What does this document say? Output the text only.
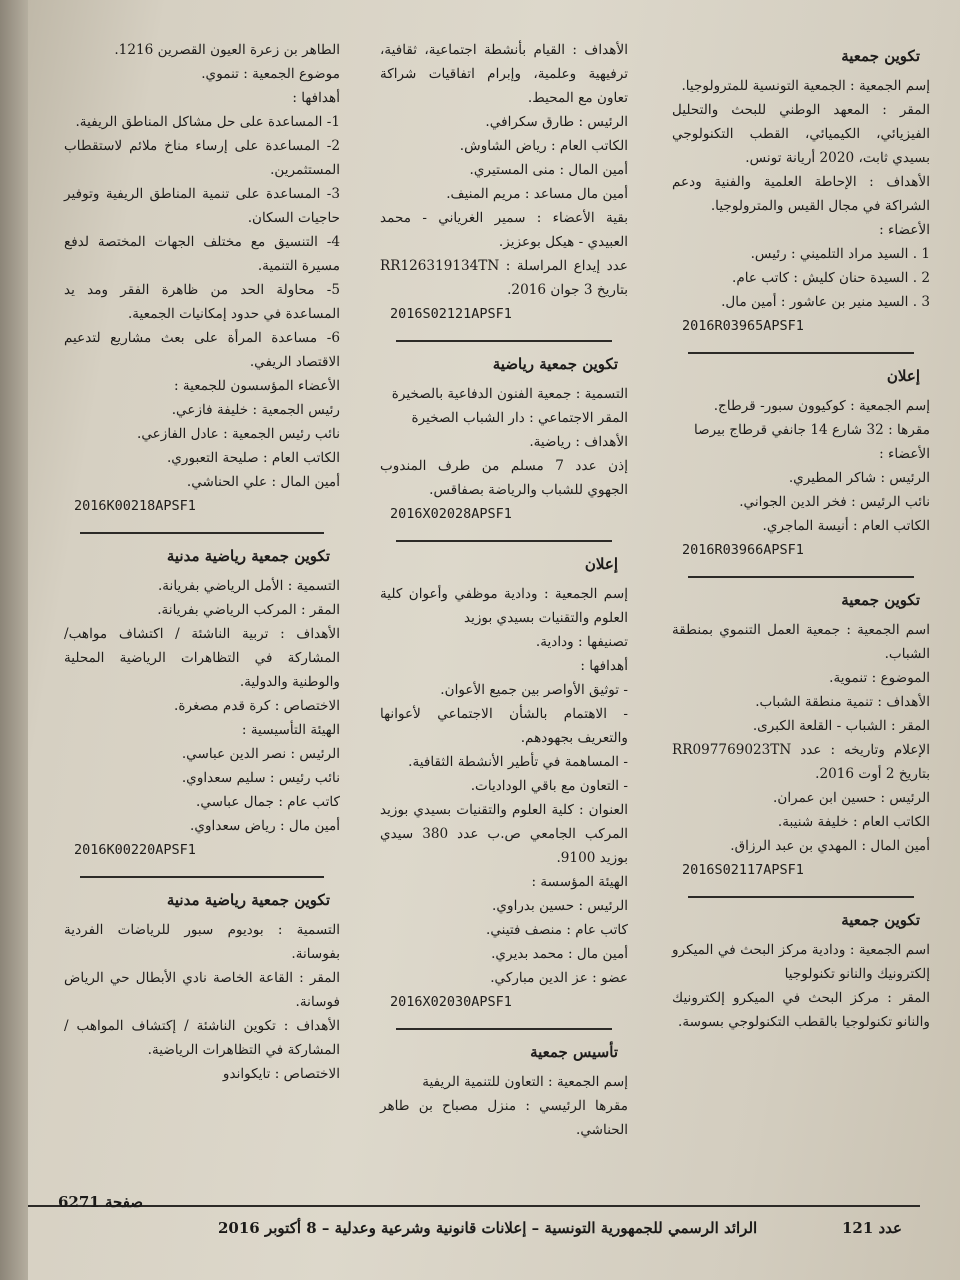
تكوين جمعية
إسم الجمعية : الجمعية التونسية للمترولوجيا.
المقر : المعهد الوطني للبحث والتحليل الفيزيائي، الكيميائي، القطب التكنولوجي بسيدي ثابت، 2020 أريانة تونس.
الأهداف : الإحاطة العلمية والفنية ودعم الشراكة في مجال القيس والمترولوجيا.
الأعضاء :
1 . السيد مراد التلميني : رئيس.
2 . السيدة حنان كليش : كاتب عام.
3 . السيد منير بن عاشور : أمين مال.
2016R03965APSF1
إعلان
إسم الجمعية : كوكيوون سبور- قرطاج.
مقرها : 32 شارع 14 جانفي قرطاج بيرصا
الأعضاء :
الرئيس : شاكر المطيري.
نائب الرئيس : فخر الدين الجواني.
الكاتب العام : أنيسة الماجري.
2016R03966APSF1
تكوين جمعية
اسم الجمعية : جمعية العمل التنموي بمنطقة الشباب.
الموضوع : تنموية.
الأهداف : تنمية منطقة الشباب.
المقر : الشباب - القلعة الكبرى.
الإعلام وتاريخه : عدد RR097769023TN بتاريخ 2 أوت 2016.
الرئيس : حسين ابن عمران.
الكاتب العام : خليفة شنيبة.
أمين المال : المهدي بن عبد الرزاق.
2016S02117APSF1
تكوين جمعية
اسم الجمعية : ودادية مركز البحث في الميكرو إلكترونيك والنانو تكنولوجيا
المقر : مركز البحث في الميكرو إلكترونيك والنانو تكنولوجيا بالقطب التكنولوجي بسوسة.
الأهداف : القيام بأنشطة اجتماعية، ثقافية، ترفيهية وعلمية، وإبرام اتفاقيات شراكة تعاون مع المحيط.
الرئيس : طارق سكرافي.
الكاتب العام : رياض الشاوش.
أمين المال : منى المستيري.
أمين مال مساعد : مريم المنيف.
بقية الأعضاء : سمير الغرياني - محمد العبيدي - هيكل بوعزيز.
عدد إيداع المراسلة : RR126319134TN بتاريخ 3 جوان 2016.
2016S02121APSF1
تكوين جمعية رياضية
التسمية : جمعية الفنون الدفاعية بالصخيرة
المقر الاجتماعي : دار الشباب الصخيرة
الأهداف : رياضية.
إذن عدد 7 مسلم من طرف المندوب الجهوي للشباب والرياضة بصفاقس.
2016X02028APSF1
إعلان
إسم الجمعية : ودادية موظفي وأعوان كلية العلوم والتقنيات بسيدي بوزيد
تصنيفها : ودادية.
أهدافها :
- توثيق الأواصر بين جميع الأعوان.
- الاهتمام بالشأن الاجتماعي لأعوانها والتعريف بجهودهم.
- المساهمة في تأطير الأنشطة الثقافية.
- التعاون مع باقي الوداديات.
العنوان : كلية العلوم والتقنيات بسيدي بوزيد المركب الجامعي ص.ب عدد 380 سيدي بوزيد 9100.
الهيئة المؤسسة :
الرئيس : حسين بدراوي.
كاتب عام : منصف فتيني.
أمين مال : محمد بديري.
عضو : عز الدين مباركي.
2016X02030APSF1
تأسيس جمعية
إسم الجمعية : التعاون للتنمية الريفية
مقرها الرئيسي : منزل مصباح بن طاهر الحناشي.
الطاهر بن زعرة العيون القصرين 1216.
موضوع الجمعية : تنموي.
أهدافها :
1- المساعدة على حل مشاكل المناطق الريفية.
2- المساعدة على إرساء مناخ ملائم لاستقطاب المستثمرين.
3- المساعدة على تنمية المناطق الريفية وتوفير حاجيات السكان.
4- التنسيق مع مختلف الجهات المختصة لدفع مسيرة التنمية.
5- محاولة الحد من ظاهرة الفقر ومد يد المساعدة في حدود إمكانيات الجمعية.
6- مساعدة المرأة على بعث مشاريع لتدعيم الاقتصاد الريفي.
الأعضاء المؤسسون للجمعية :
رئيس الجمعية : خليفة فازعي.
نائب رئيس الجمعية : عادل الفازعي.
الكاتب العام : صليحة التعبوري.
أمين المال : علي الحناشي.
2016K00218APSF1
تكوين جمعية رياضية مدنية
التسمية : الأمل الرياضي بفريانة.
المقر : المركب الرياضي بفريانة.
الأهداف : تربية الناشئة / اكتشاف مواهب/ المشاركة في التظاهرات الرياضية المحلية والوطنية والدولية.
الاختصاص : كرة قدم مصغرة.
الهيئة التأسيسية :
الرئيس : نصر الدين عباسي.
نائب رئيس : سليم سعداوي.
كاتب عام : جمال عباسي.
أمين مال : رياض سعداوي.
2016K00220APSF1
تكوين جمعية رياضية مدنية
التسمية : بوديوم سبور للرياضات الفردية بفوسانة.
المقر : القاعة الخاصة نادي الأبطال حي الرياض فوسانة.
الأهداف : تكوين الناشئة / إكتشاف المواهب / المشاركة في التظاهرات الرياضية.
الاختصاص : تايكواندو
صفحة 6271
الرائد الرسمي للجمهورية التونسية – إعلانات قانونية وشرعية وعدلية – 8 أكتوبر 2016	عدد 121
